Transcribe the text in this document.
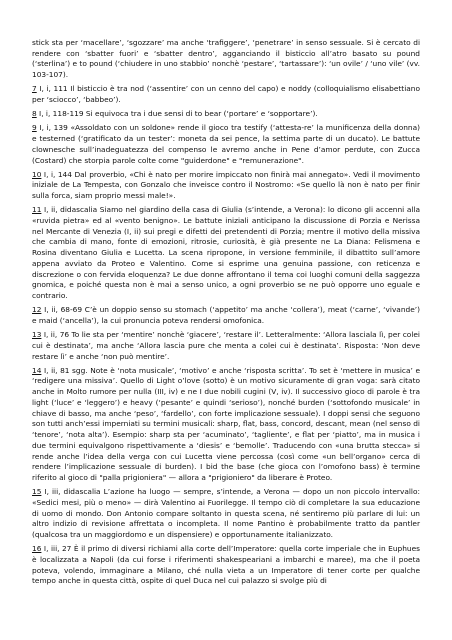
stick sta per ‘macellare’, ‘sgozzare’ ma anche ‘trafiggere’, ‘penetrare’ in senso sessuale. Si è cercato di rendere con ‘sbatter fuori’ e ‘sbatter dentro’, agganciando il bisticcio all’atro basato su pound (‘sterlina’) e to pound (‘chiudere in uno stabbio’ nonchè ‘pestare’, ‘tartassare’): ‘un ovile’ / ‘uno vile’ (vv. 103-107).

7 I, i, 111 Il bisticcio è tra nod (‘assentire’ con un cenno del capo) e noddy (colloquialismo elisabettiano per ‘sciocco’, ‘babbeo’).

8 I, i, 118-119 Si equivoca tra i due sensi di to bear (‘portare’ e ‘sopportare’).

9 I, i, 139 «Assoldato con un soldone» rende il gioco tra testify (‘attesta-re’ la munificenza della donna) e testerned (‘gratificato da un tester’: moneta da sei pence, la settima parte di un ducato). Le battute clownesche sull’inadeguatezza del compenso le avremo anche in Pene d’amor perdute, con Zucca (Costard) che storpia parole colte come "guiderdone" e "remunerazione".

10 I, i, 144 Dal proverbio, «Chi è nato per morire impiccato non finirà mai annegato». Vedi il movimento iniziale de La Tempesta, con Gonzalo che inveisce contro il Nostromo: «Se quello là non è nato per finir sulla forca, siam proprio messi male!».

11 I, ii, didascalia Siamo nel giardino della casa di Giulia (s’intende, a Verona): lo dicono gli accenni alla «ruvida pietra» ed al «vento benigno». Le battute iniziali anticipano la discussione di Porzia e Nerissa nel Mercante di Venezia (I, ii) sui pregi e difetti dei pretendenti di Porzia; mentre il motivo della missiva che cambia di mano, fonte di emozioni, ritrosie, curiosità, è già presente ne La Diana: Felismena e Rosina diventano Giulia e Lucetta. La scena ripropone, in versione femminile, il dibattito sull’amore appena avviato da Proteo e Valentino. Come si esprime una genuina passione, con reticenza e discrezione o con fervida eloquenza? Le due donne affrontano il tema coi luoghi comuni della saggezza gnomica, e poiché questa non è mai a senso unico, a ogni proverbio se ne può opporre uno eguale e contrario.

12 I, ii, 68-69 C’è un doppio senso su stomach (‘appetito’ ma anche ‘collera’), meat (‘carne’, ‘vivande’) e maid (‘ancella’), la cui pronuncia poteva rendersi omofonica.

13 I, ii, 76 To lie sta per ‘mentire’ nonchè ‘giacere’, ‘restare il’. Letteralmente: ‘Allora lasciala lì, per colei cui è destinata’, ma anche ‘Allora lascia pure che menta a colei cui è destinata’. Risposta: ‘Non deve restare lì’ e anche ‘non può mentire’.

14 I, ii, 81 sgg. Note è ‘nota musicale’, ‘motivo’ e anche ‘risposta scritta’. To set è ‘mettere in musica’ e ‘redigere una missiva’. Quello di Light o’love (sotto) è un motivo sicuramente di gran voga: sarà citato anche in Molto rumore per nulla (III, iv) e ne I due nobili cugini (V, iv). Il successivo gioco di parole è tra light (‘luce’ e ‘leggero’) e heavy (‘pesante’ e quindi ‘serioso’), nonché burden (‘sottofondo musicale’ in chiave di basso, ma anche ‘peso’, ‘fardello’, con forte implicazione sessuale). I doppi sensi che seguono son tutti anch’essi imperniati su termini musicali: sharp, flat, bass, concord, descant, mean (nel senso di ‘tenore’, ‘nota alta’). Esempio: sharp sta per ‘acuminato’, ‘tagliente’, e flat per ‘piatto’, ma in musica i due termini equivalgono rispettivamente a ‘diesis’ e ‘bemolle’. Traducendo con «una brutta stecca» si rende anche l’idea della verga con cui Lucetta viene percossa (così come «un bell’organo» cerca di rendere l’implicazione sessuale di burden). I bid the base (che gioca con l’omofono bass) è termine riferito al gioco di "palla prigioniera" — allora a "prigioniero" da liberare è Proteo.

15 I, iii, didascalia L’azione ha luogo — sempre, s’intende, a Verona — dopo un non piccolo intervallo: «Sedici mesi, più o meno» — dirà Valentino ai Fuorilegge. Il tempo ciò di completare la sua educazione di uomo di mondo. Don Antonio compare soltanto in questa scena, né sentiremo più parlare di lui: un altro indizio di revisione affrettata o incompleta. Il nome Pantino è probabilmente tratto da pantler (qualcosa tra un maggiordomo e un dispensiere) e opportunamente italianizzato.

16 I, iii, 27 È il primo di diversi richiami alla corte dell’Imperatore: quella corte imperiale che in Euphues è localizzata a Napoli (da cui forse i riferimenti shakespeariani a imbarchi e maree), ma che il poeta poteva, volendo, immaginare a Milano, ché nulla vieta a un Imperatore di tener corte per qualche tempo anche in questa città, ospite di quel Duca nel cui palazzo si svolge più di
